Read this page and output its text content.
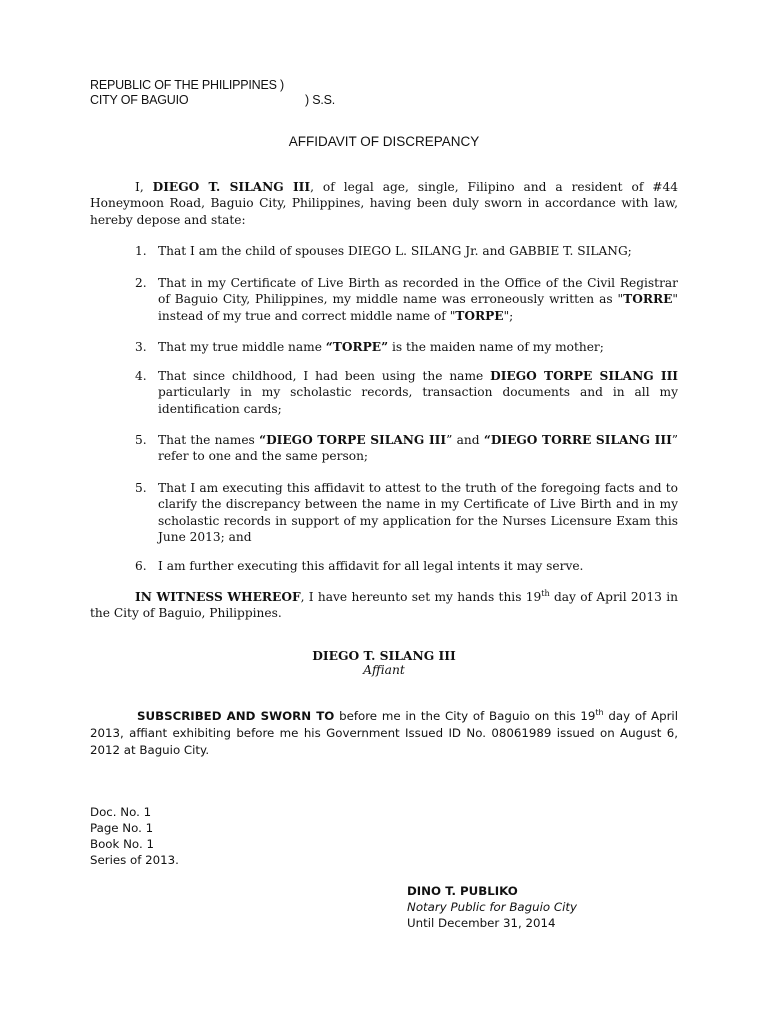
REPUBLIC OF THE PHILIPPINES )
CITY OF BAGUIO	) S.S.
AFFIDAVIT OF DISCREPANCY
I, DIEGO T. SILANG III, of legal age, single, Filipino and a resident of #44 Honeymoon Road, Baguio City, Philippines, having been duly sworn in accordance with law, hereby depose and state:
1. That I am the child of spouses DIEGO L. SILANG Jr. and GABBIE T. SILANG;
2. That in my Certificate of Live Birth as recorded in the Office of the Civil Registrar of Baguio City, Philippines, my middle name was erroneously written as "TORRE" instead of my true and correct middle name of "TORPE";
3. That my true middle name “TORPE” is the maiden name of my mother;
4. That since childhood, I had been using the name DIEGO TORPE SILANG III particularly in my scholastic records, transaction documents and in all my identification cards;
5. That the names “DIEGO TORPE SILANG III” and “DIEGO TORRE SILANG III” refer to one and the same person;
5. That I am executing this affidavit to attest to the truth of the foregoing facts and to clarify the discrepancy between the name in my Certificate of Live Birth and in my scholastic records in support of my application for the Nurses Licensure Exam this June 2013; and
6. I am further executing this affidavit for all legal intents it may serve.
IN WITNESS WHEREOF, I have hereunto set my hands this 19th day of April 2013 in the City of Baguio, Philippines.
DIEGO T. SILANG III
Affiant
SUBSCRIBED AND SWORN TO before me in the City of Baguio on this 19th day of April 2013, affiant exhibiting before me his Government Issued ID No. 08061989 issued on August 6, 2012 at Baguio City.
Doc. No. 1
Page No. 1
Book No. 1
Series of 2013.
DINO T. PUBLIKO
Notary Public for Baguio City
Until December 31, 2014
